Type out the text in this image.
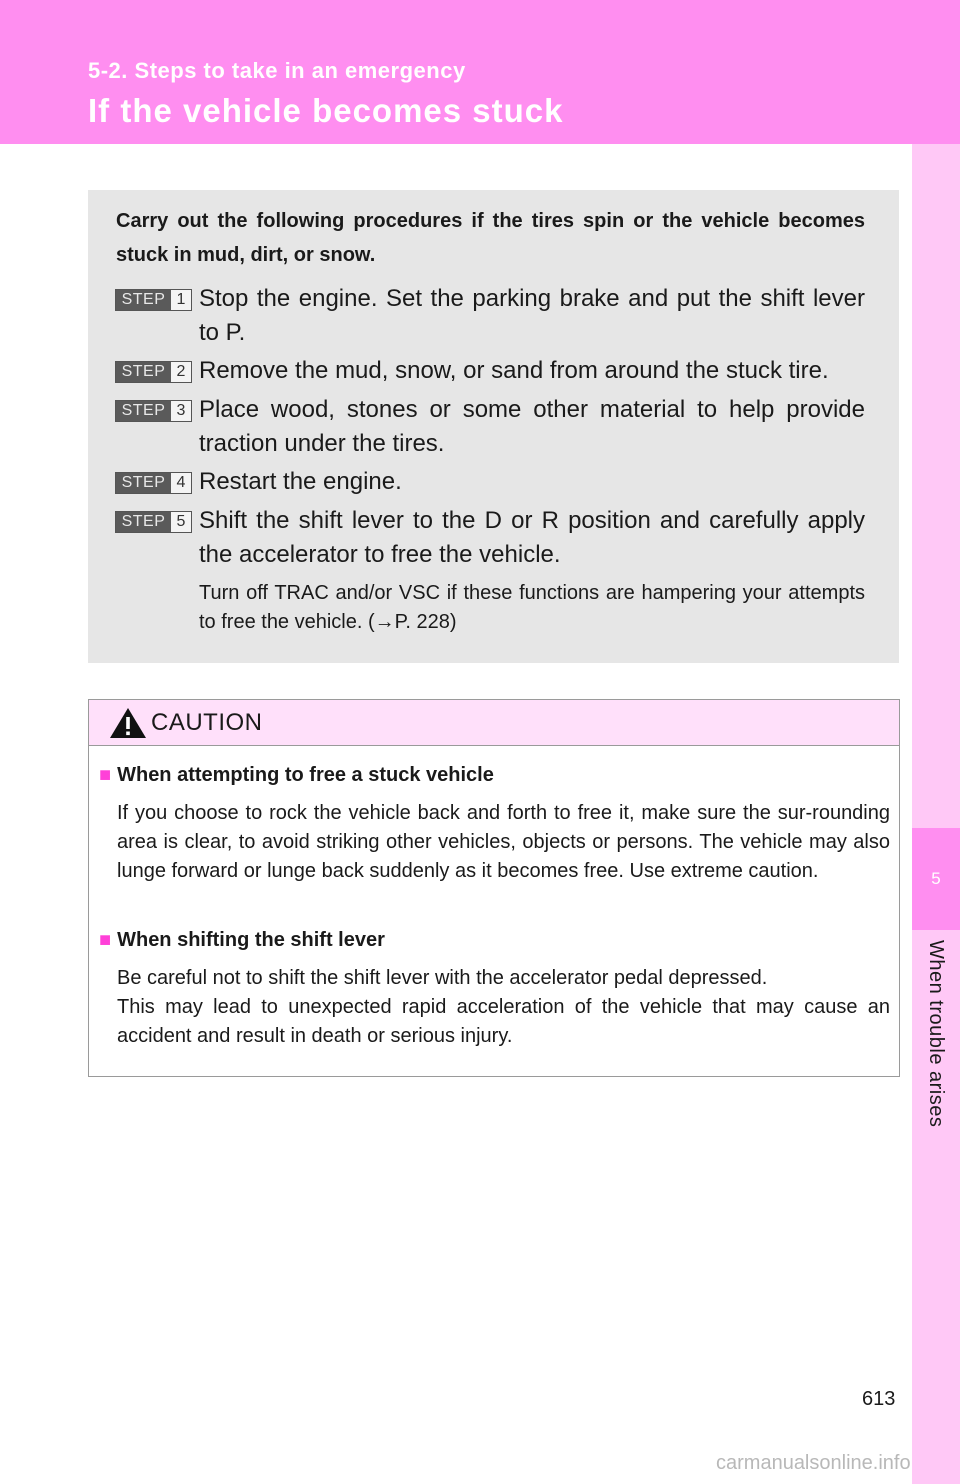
5-2. Steps to take in an emergency
If the vehicle becomes stuck
5
When trouble arises
Carry out the following procedures if the tires spin or the vehicle becomes stuck in mud, dirt, or snow.
STEP 1 Stop the engine. Set the parking brake and put the shift lever to P.
STEP 2 Remove the mud, snow, or sand from around the stuck tire.
STEP 3 Place wood, stones or some other material to help provide traction under the tires.
STEP 4 Restart the engine.
STEP 5 Shift the shift lever to the D or R position and carefully apply the accelerator to free the vehicle.
Turn off TRAC and/or VSC if these functions are hampering your attempts to free the vehicle. (→P. 228)
CAUTION
■ When attempting to free a stuck vehicle

If you choose to rock the vehicle back and forth to free it, make sure the sur-rounding area is clear, to avoid striking other vehicles, objects or persons. The vehicle may also lunge forward or lunge back suddenly as it becomes free. Use extreme caution.

■ When shifting the shift lever

Be careful not to shift the shift lever with the accelerator pedal depressed.

This may lead to unexpected rapid acceleration of the vehicle that may cause an accident and result in death or serious injury.

613
carmanualsonline.info
